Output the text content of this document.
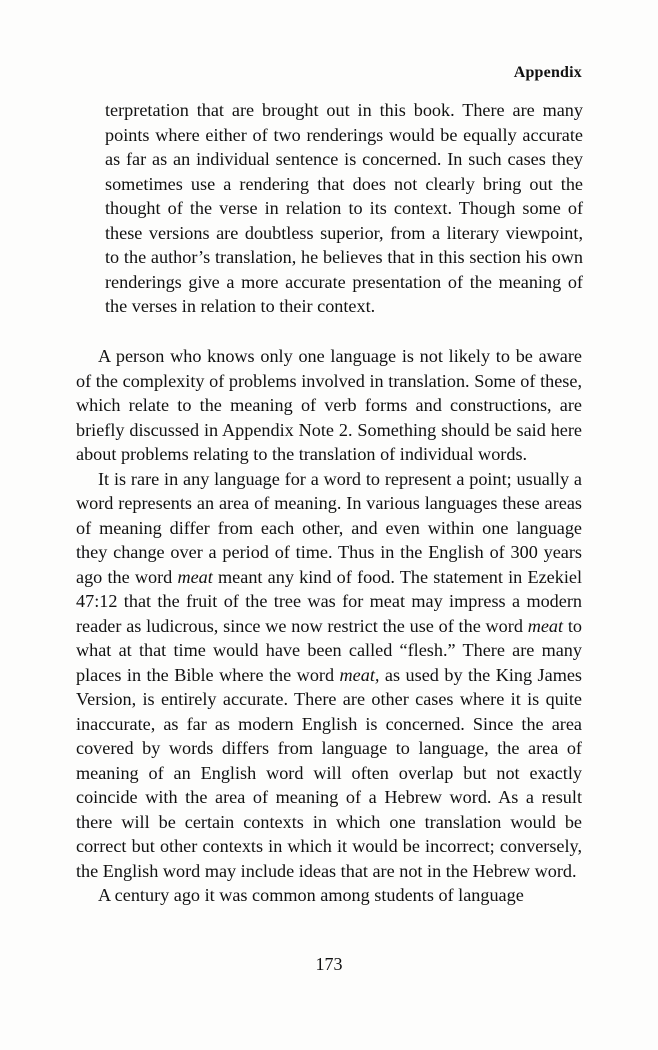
Appendix
terpretation that are brought out in this book. There are many points where either of two renderings would be equally accurate as far as an individual sentence is concerned. In such cases they sometimes use a rendering that does not clearly bring out the thought of the verse in relation to its context. Though some of these versions are doubtless superior, from a literary viewpoint, to the author’s translation, he believes that in this section his own renderings give a more accurate presentation of the meaning of the verses in relation to their context.

A person who knows only one language is not likely to be aware of the complexity of problems involved in translation. Some of these, which relate to the meaning of verb forms and constructions, are briefly discussed in Appendix Note 2. Something should be said here about problems relating to the translation of individual words.

It is rare in any language for a word to represent a point; usually a word represents an area of meaning. In various languages these areas of meaning differ from each other, and even within one language they change over a period of time. Thus in the English of 300 years ago the word meat meant any kind of food. The statement in Ezekiel 47:12 that the fruit of the tree was for meat may impress a modern reader as ludicrous, since we now restrict the use of the word meat to what at that time would have been called “flesh.” There are many places in the Bible where the word meat, as used by the King James Version, is entirely accurate. There are other cases where it is quite inaccurate, as far as modern English is concerned. Since the area covered by words differs from language to language, the area of meaning of an English word will often overlap but not exactly coincide with the area of meaning of a Hebrew word. As a result there will be certain contexts in which one translation would be correct but other contexts in which it would be incorrect; conversely, the English word may include ideas that are not in the Hebrew word.

A century ago it was common among students of language

173
